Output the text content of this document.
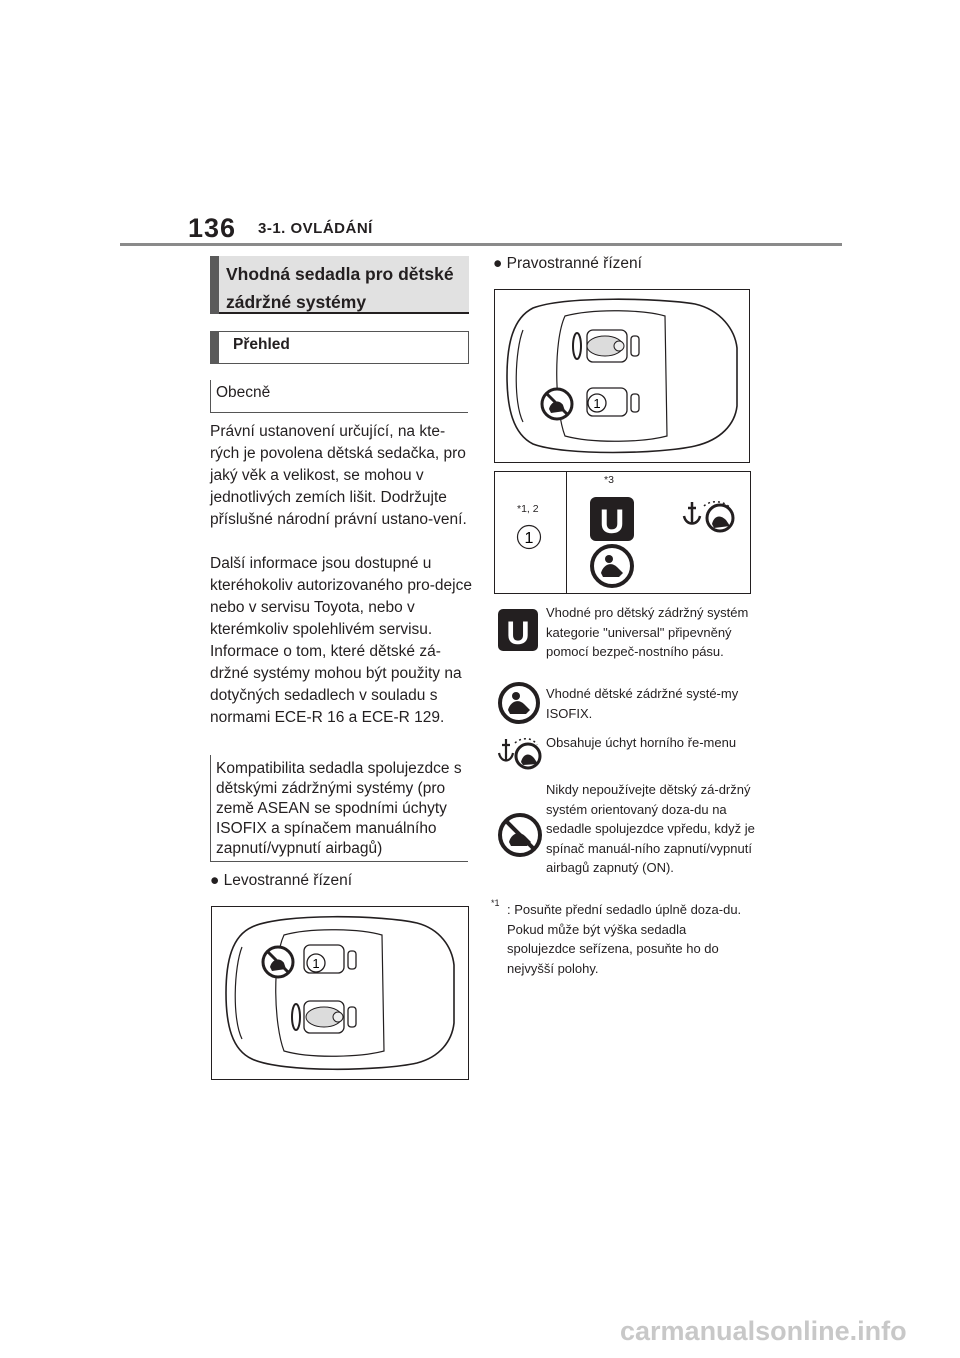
136 3-1. OVLÁDÁNÍ
Vhodná sedadla pro dětské zádržné systémy
Přehled
Obecně
Právní ustanovení určující, na kte-rých je povolena dětská sedačka, pro jaký věk a velikost, se mohou v jednotlivých zemích lišit. Dodržujte příslušné národní právní ustano-vení.
Další informace jsou dostupné u kteréhokoliv autorizovaného pro-dejce nebo v servisu Toyota, nebo v kterémkoliv spolehlivém servisu.
Informace o tom, které dětské zá-držné systémy mohou být použity na dotyčných sedadlech v souladu s normami ECE-R 16 a ECE-R 129.
Kompatibilita sedadla spolujezdce s dětskými zádržnými systémy (pro země ASEAN se spodními úchyty ISOFIX a spínačem manuálního zapnutí/vypnutí airbagů)
● Levostranné řízení
1
● Pravostranné řízení
1
*1, 2
*3
1 U
U
Vhodné pro dětský zádržný systém kategorie "universal" připevněný pomocí bezpeč-nostního pásu.
Vhodné dětské zádržné systé-my ISOFIX.
Obsahuje úchyt horního ře-menu
Nikdy nepoužívejte dětský zá-držný systém orientovaný doza-du na sedadle spolujezdce vpředu, když je spínač manuál-ního zapnutí/vypnutí airbagů zapnutý (ON).
*1 : Posuňte přední sedadlo úplně doza-du. Pokud může být výška sedadla spolujezdce seřízena, posuňte ho do nejvyšší polohy.
carmanualsonline.info
